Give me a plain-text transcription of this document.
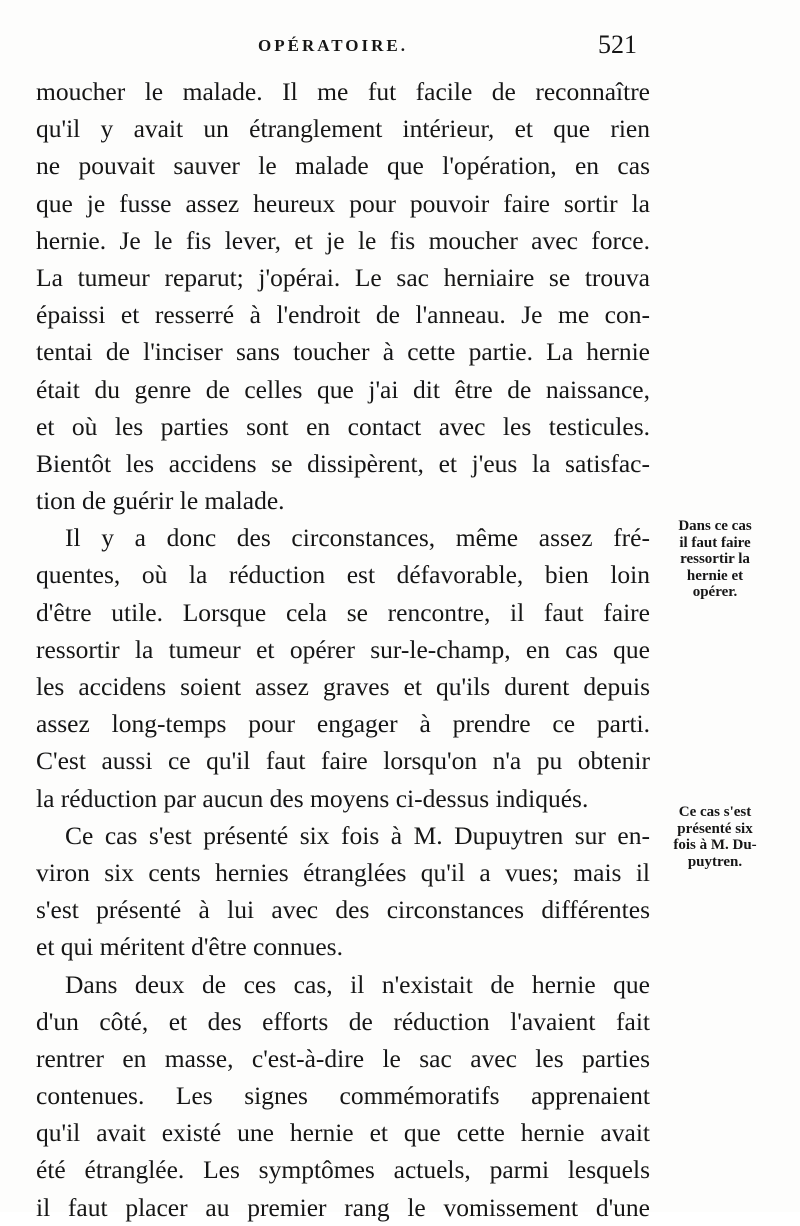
OPÉRATOIRE.	521
moucher le malade. Il me fut facile de reconnaître
qu'il y avait un étranglement intérieur, et que rien
ne pouvait sauver le malade que l'opération, en cas
que je fusse assez heureux pour pouvoir faire sortir la
hernie. Je le fis lever, et je le fis moucher avec force.
La tumeur reparut; j'opérai. Le sac herniaire se trouva
épaissi et resserré à l'endroit de l'anneau. Je me con-
tentai de l'inciser sans toucher à cette partie. La hernie
était du genre de celles que j'ai dit être de naissance,
et où les parties sont en contact avec les testicules.
Bientôt les accidens se dissipèrent, et j'eus la satisfac-
tion de guérir le malade.
Il y a donc des circonstances, même assez fré-
quentes, où la réduction est défavorable, bien loin
d'être utile. Lorsque cela se rencontre, il faut faire
ressortir la tumeur et opérer sur-le-champ, en cas que
les accidens soient assez graves et qu'ils durent depuis
assez long-temps pour engager à prendre ce parti.
C'est aussi ce qu'il faut faire lorsqu'on n'a pu obtenir
la réduction par aucun des moyens ci-dessus indiqués.
Ce cas s'est présenté six fois à M. Dupuytren sur en-
viron six cents hernies étranglées qu'il a vues; mais il
s'est présenté à lui avec des circonstances différentes
et qui méritent d'être connues.
Dans deux de ces cas, il n'existait de hernie que
d'un côté, et des efforts de réduction l'avaient fait
rentrer en masse, c'est-à-dire le sac avec les parties
contenues. Les signes commémoratifs apprenaient
qu'il avait existé une hernie et que cette hernie avait
été étranglée. Les symptômes actuels, parmi lesquels
il faut placer au premier rang le vomissement d'une
Dans ce cas
il faut faire
ressortir la
hernie et
opérer.
Ce cas s'est
présenté six
fois à M. Du-
puytren.
